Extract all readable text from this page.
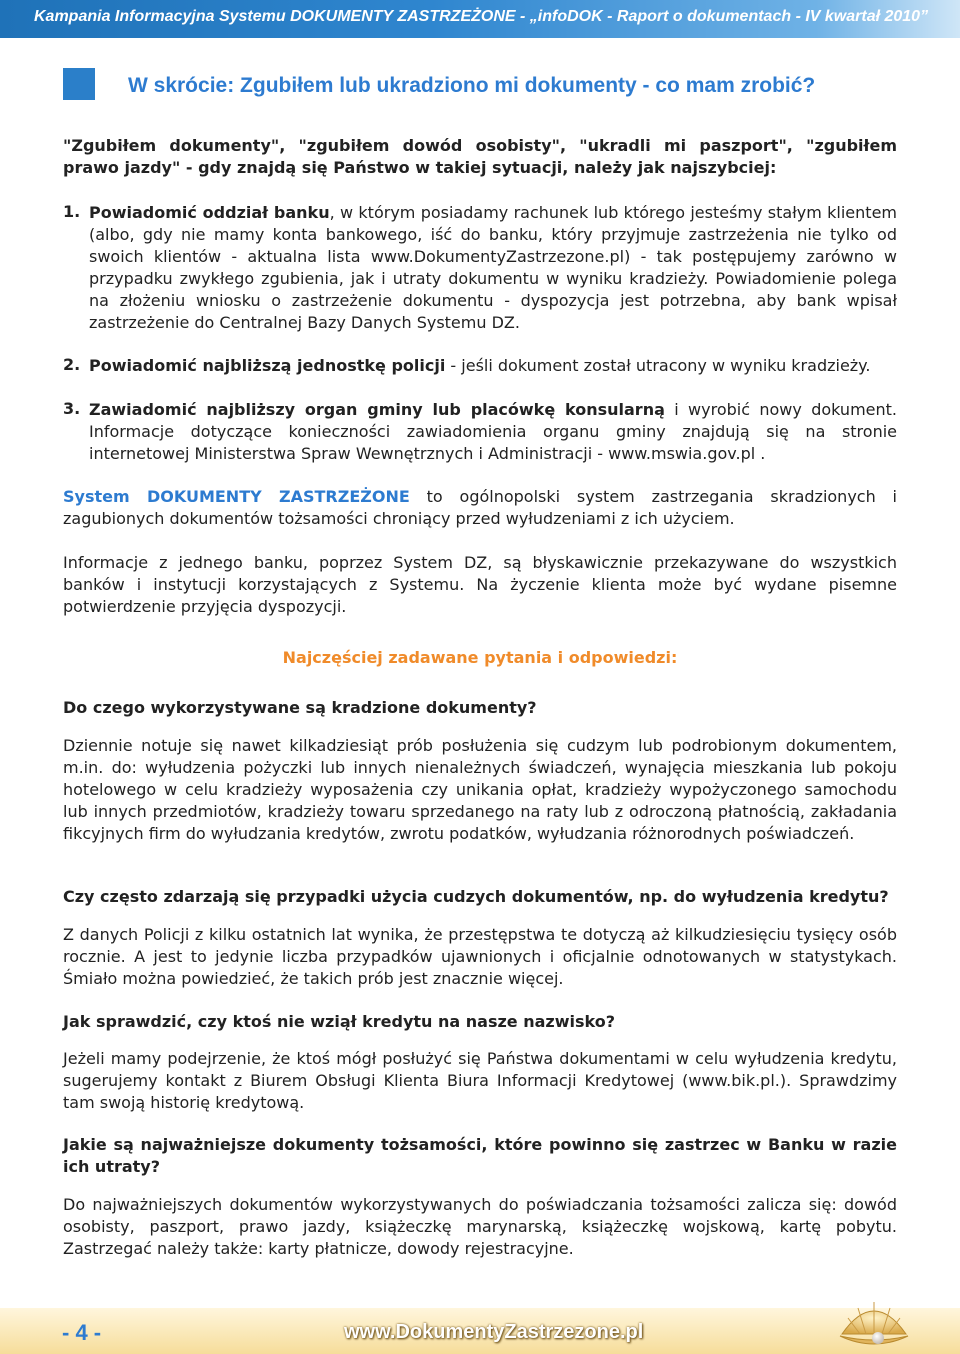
Kampania Informacyjna Systemu DOKUMENTY ZASTRZEŻONE - „infoDOK - Raport o dokumentach - IV kwartał 2010”
W skrócie: Zgubiłem lub ukradziono mi dokumenty - co mam zrobić?

"Zgubiłem dokumenty", "zgubiłem dowód osobisty", "ukradli mi paszport", "zgubiłem prawo jazdy" - gdy znajdą się Państwo w takiej sytuacji, należy jak najszybciej:

1. Powiadomić oddział banku, w którym posiadamy rachunek lub którego jesteśmy stałym klientem (albo, gdy nie mamy konta bankowego, iść do banku, który przyjmuje zastrzeżenia nie tylko od swoich klientów - aktualna lista www.DokumentyZastrzezone.pl) - tak postępujemy zarówno w przypadku zwykłego zgubienia, jak i utraty dokumentu w wyniku kradzieży. Powiadomienie polega na złożeniu wniosku o zastrzeżenie dokumentu - dyspozycja jest potrzebna, aby bank wpisał zastrzeżenie do Centralnej Bazy Danych Systemu DZ.

2. Powiadomić najbliższą jednostkę policji - jeśli dokument został utracony w wyniku kradzieży.

3. Zawiadomić najbliższy organ gminy lub placówkę konsularną i wyrobić nowy dokument. Informacje dotyczące konieczności zawiadomienia organu gminy znajdują się na stronie internetowej Ministerstwa Spraw Wewnętrznych i Administracji - www.mswia.gov.pl .

System DOKUMENTY ZASTRZEŻONE to ogólnopolski system zastrzegania skradzionych i zagubionych dokumentów tożsamości chroniący przed wyłudzeniami z ich użyciem.

Informacje z jednego banku, poprzez System DZ, są błyskawicznie przekazywane do wszystkich banków i instytucji korzystających z Systemu. Na życzenie klienta może być wydane pisemne potwierdzenie przyjęcia dyspozycji.

Najczęściej zadawane pytania i odpowiedzi:

Do czego wykorzystywane są kradzione dokumenty?

Dziennie notuje się nawet kilkadziesiąt prób posłużenia się cudzym lub podrobionym dokumentem, m.in. do: wyłudzenia pożyczki lub innych nienależnych świadczeń, wynajęcia mieszkania lub pokoju hotelowego w celu kradzieży wyposażenia czy unikania opłat, kradzieży wypożyczonego samochodu lub innych przedmiotów, kradzieży towaru sprzedanego na raty lub z odroczoną płatnością, zakładania fikcyjnych firm do wyłudzania kredytów, zwrotu podatków, wyłudzania różnorodnych poświadczeń.

Czy często zdarzają się przypadki użycia cudzych dokumentów, np. do wyłudzenia kredytu?

Z danych Policji z kilku ostatnich lat wynika, że przestępstwa te dotyczą aż kilkudziesięciu tysięcy osób rocznie. A jest to jedynie liczba przypadków ujawnionych i oficjalnie odnotowanych w statystykach. Śmiało można powiedzieć, że takich prób jest znacznie więcej.

Jak sprawdzić, czy ktoś nie wziął kredytu na nasze nazwisko?

Jeżeli mamy podejrzenie, że ktoś mógł posłużyć się Państwa dokumentami w celu wyłudzenia kredytu, sugerujemy kontakt z Biurem Obsługi Klienta Biura Informacji Kredytowej (www.bik.pl.). Sprawdzimy tam swoją historię kredytową.

Jakie są najważniejsze dokumenty tożsamości, które powinno się zastrzec w Banku w razie ich utraty?

Do najważniejszych dokumentów wykorzystywanych do poświadczania tożsamości zalicza się: dowód osobisty, paszport, prawo jazdy, książeczkę marynarską, książeczkę wojskową, kartę pobytu. Zastrzegać należy także: karty płatnicze, dowody rejestracyjne.

- 4 -	www.DokumentyZastrzezone.pl
